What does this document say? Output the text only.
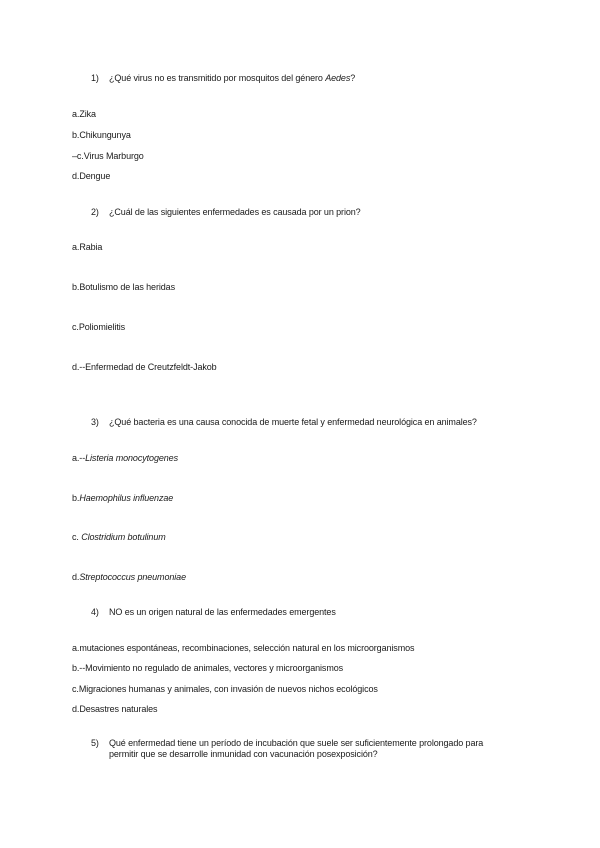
1) ¿Qué virus no es transmitido por mosquitos del género Aedes?
a.Zika
b.Chikungunya
–c.Virus Marburgo
d.Dengue
2) ¿Cuál de las siguientes enfermedades es causada por un prion?
a.Rabia
b.Botulismo de las heridas
c.Poliomielitis
d.--Enfermedad de Creutzfeldt-Jakob
3) ¿Qué bacteria es una causa conocida de muerte fetal y enfermedad neurológica en animales?
a.--Listeria monocytogenes
b.Haemophilus influenzae
c. Clostridium botulinum
d.Streptococcus pneumoniae
4) NO es un origen natural de las enfermedades emergentes
a.mutaciones espontáneas, recombinaciones, selección natural en los microorganismos
b.--Movimiento no regulado de animales, vectores y microorganismos
c.Migraciones humanas y animales, con invasión de nuevos nichos ecológicos
d.Desastres naturales
5) Qué enfermedad tiene un período de incubación que suele ser suficientemente prolongado para permitir que se desarrolle inmunidad con vacunación posexposición?
